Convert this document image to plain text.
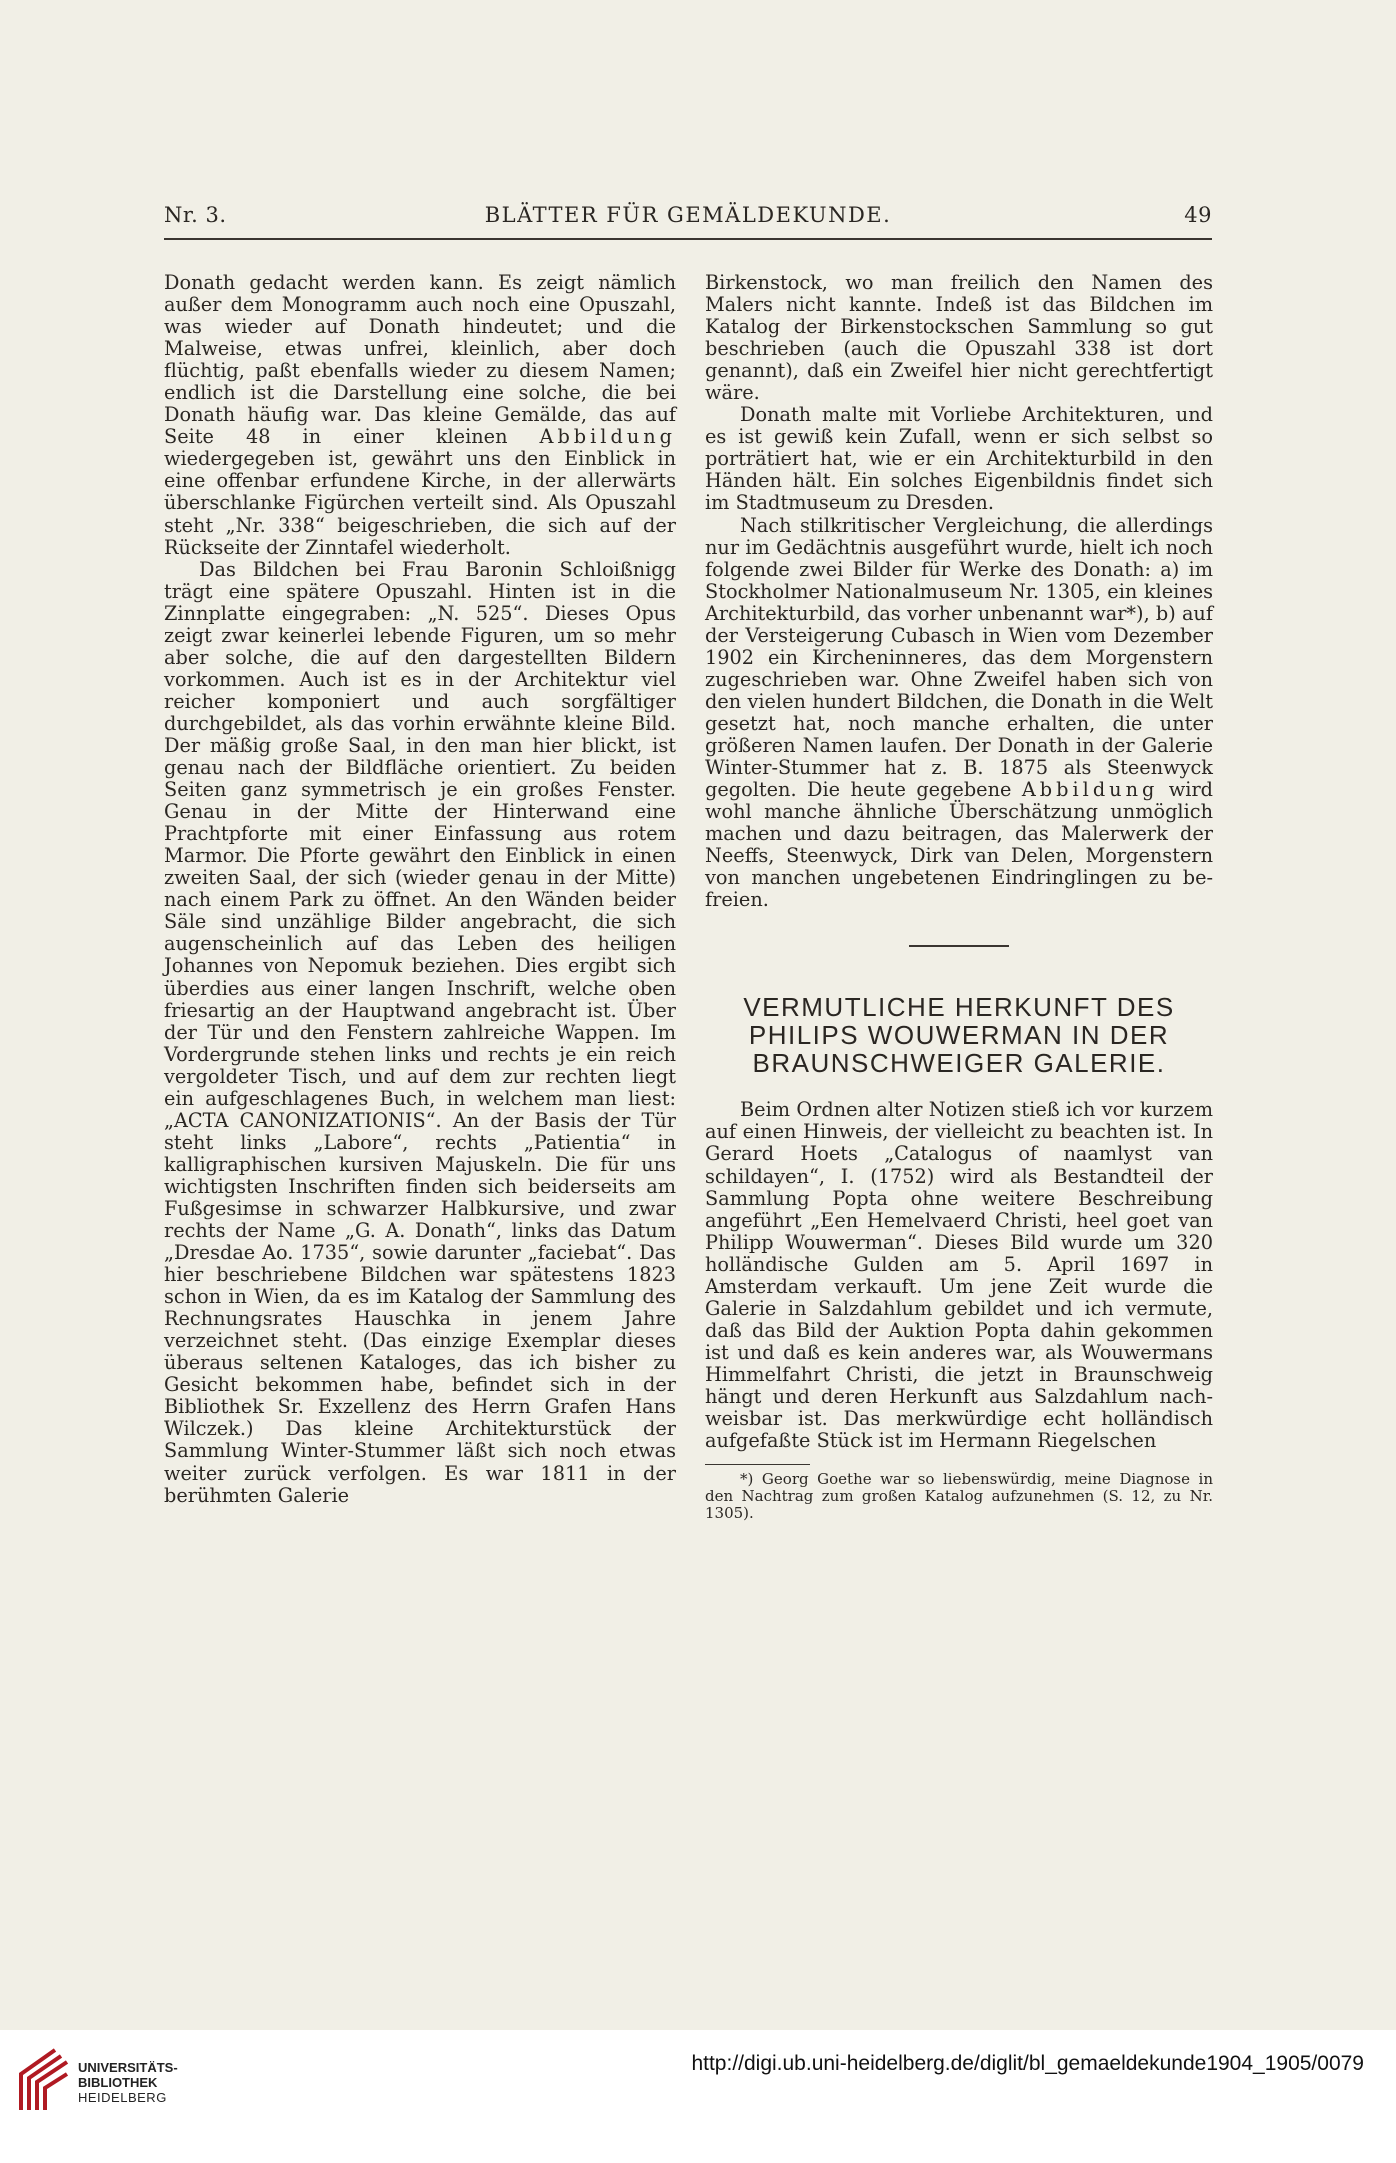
Nr. 3.	BLÄTTER FÜR GEMÄLDEKUNDE.	49

Donath gedacht werden kann. Es zeigt nämlich außer dem Monogramm auch noch eine Opuszahl, was wieder auf Donath hindeutet; und die Malweise, etwas unfrei, kleinlich, aber doch flüchtig, paßt ebenfalls wieder zu diesem Namen; endlich ist die Darstellung eine solche, die bei Donath häufig war. Das kleine Gemälde, das auf Seite 48 in einer kleinen Abbildung wiedergegeben ist, gewährt uns den Einblick in eine offenbar erfundene Kirche, in der allerwärts überschlanke Figürchen verteilt sind. Als Opuszahl steht „Nr. 338“ beigeschrieben, die sich auf der Rückseite der Zinntafel wiederholt.

Das Bildchen bei Frau Baronin Schloißnigg trägt eine spätere Opuszahl. Hinten ist in die Zinnplatte eingegraben: „N. 525“. Dieses Opus zeigt zwar keinerlei lebende Figuren, um so mehr aber solche, die auf den dargestellten Bildern vorkommen. Auch ist es in der Architektur viel reicher komponiert und auch sorgfältiger durchgebildet, als das vorhin erwähnte kleine Bild. Der mäßig große Saal, in den man hier blickt, ist genau nach der Bildfläche orientiert. Zu beiden Seiten ganz symmetrisch je ein großes Fenster. Genau in der Mitte der Hinterwand eine Prachtpforte mit einer Einfassung aus rotem Marmor. Die Pforte gewährt den Einblick in einen zweiten Saal, der sich (wieder genau in der Mitte) nach einem Park zu öffnet. An den Wänden beider Säle sind unzählige Bilder angebracht, die sich augenscheinlich auf das Leben des heiligen Johannes von Nepomuk beziehen. Dies ergibt sich überdies aus einer langen Inschrift, welche oben friesartig an der Hauptwand angebracht ist. Über der Tür und den Fenstern zahlreiche Wappen. Im Vordergrunde stehen links und rechts je ein reich vergoldeter Tisch, und auf dem zur rechten liegt ein aufgeschlagenes Buch, in welchem man liest: „ACTA CANONIZATIONIS“. An der Basis der Tür steht links „Labore“, rechts „Patientia“ in kalligraphischen kursiven Majuskeln. Die für uns wichtigsten Inschriften finden sich beiderseits am Fußgesimse in schwarzer Halbkursive, und zwar rechts der Name „G. A. Donath“, links das Datum „Dresdae Ao. 1735“, sowie darunter „faciebat“. Das hier beschriebene Bildchen war spätestens 1823 schon in Wien, da es im Katalog der Sammlung des Rechnungsrates Hauschka in jenem Jahre verzeichnet steht. (Das einzige Exemplar dieses überaus seltenen Kataloges, das ich bisher zu Gesicht bekommen habe, befindet sich in der Bibliothek Sr. Exzellenz des Herrn Grafen Hans Wilczek.) Das kleine Architekturstück der Sammlung Winter-Stummer läßt sich noch etwas weiter zurück verfolgen. Es war 1811 in der berühmten Galerie

Birkenstock, wo man freilich den Namen des Malers nicht kannte. Indeß ist das Bildchen im Katalog der Birkenstockschen Sammlung so gut beschrieben (auch die Opuszahl 338 ist dort genannt), daß ein Zweifel hier nicht gerechtfertigt wäre.

Donath malte mit Vorliebe Architekturen, und es ist gewiß kein Zufall, wenn er sich selbst so porträtiert hat, wie er ein Architekturbild in den Händen hält. Ein solches Eigenbildnis findet sich im Stadtmuseum zu Dresden.

Nach stilkritischer Vergleichung, die allerdings nur im Gedächtnis ausgeführt wurde, hielt ich noch folgende zwei Bilder für Werke des Donath: a) im Stockholmer Nationalmuseum Nr. 1305, ein kleines Architekturbild, das vorher unbenannt war*), b) auf der Versteigerung Cubasch in Wien vom Dezember 1902 ein Kircheninneres, das dem Morgenstern zugeschrieben war. Ohne Zweifel haben sich von den vielen hundert Bildchen, die Donath in die Welt gesetzt hat, noch manche erhalten, die unter größeren Namen laufen. Der Donath in der Galerie Winter-Stummer hat z. B. 1875 als Steenwyck gegolten. Die heute gegebene Abbildung wird wohl manche ähnliche Überschätzung unmöglich machen und dazu beitragen, das Malerwerk der Neeffs, Steenwyck, Dirk van Delen, Morgenstern von manchen ungebetenen Eindringlingen zu befreien.

VERMUTLICHE HERKUNFT DES
PHILIPS WOUWERMAN IN DER
BRAUNSCHWEIGER GALERIE.

Beim Ordnen alter Notizen stieß ich vor kurzem auf einen Hinweis, der vielleicht zu beachten ist. In Gerard Hoets „Catalogus of naamlyst van schildayen“, I. (1752) wird als Bestandteil der Sammlung Popta ohne weitere Beschreibung angeführt „Een Hemelvaerd Christi, heel goet van Philipp Wouwerman“. Dieses Bild wurde um 320 holländische Gulden am 5. April 1697 in Amsterdam verkauft. Um jene Zeit wurde die Galerie in Salzdahlum gebildet und ich vermute, daß das Bild der Auktion Popta dahin gekommen ist und daß es kein anderes war, als Wouwermans Himmelfahrt Christi, die jetzt in Braunschweig hängt und deren Herkunft aus Salzdahlum nachweisbar ist. Das merkwürdige echt holländisch aufgefaßte Stück ist im Hermann Riegelschen

*) Georg Goethe war so liebenswürdig, meine Diagnose in den Nachtrag zum großen Katalog aufzunehmen (S. 12, zu Nr. 1305).

UNIVERSITÄTS-
BIBLIOTHEK
HEIDELBERG
http://digi.ub.uni-heidelberg.de/diglit/bl_gemaeldekunde1904_1905/0079
